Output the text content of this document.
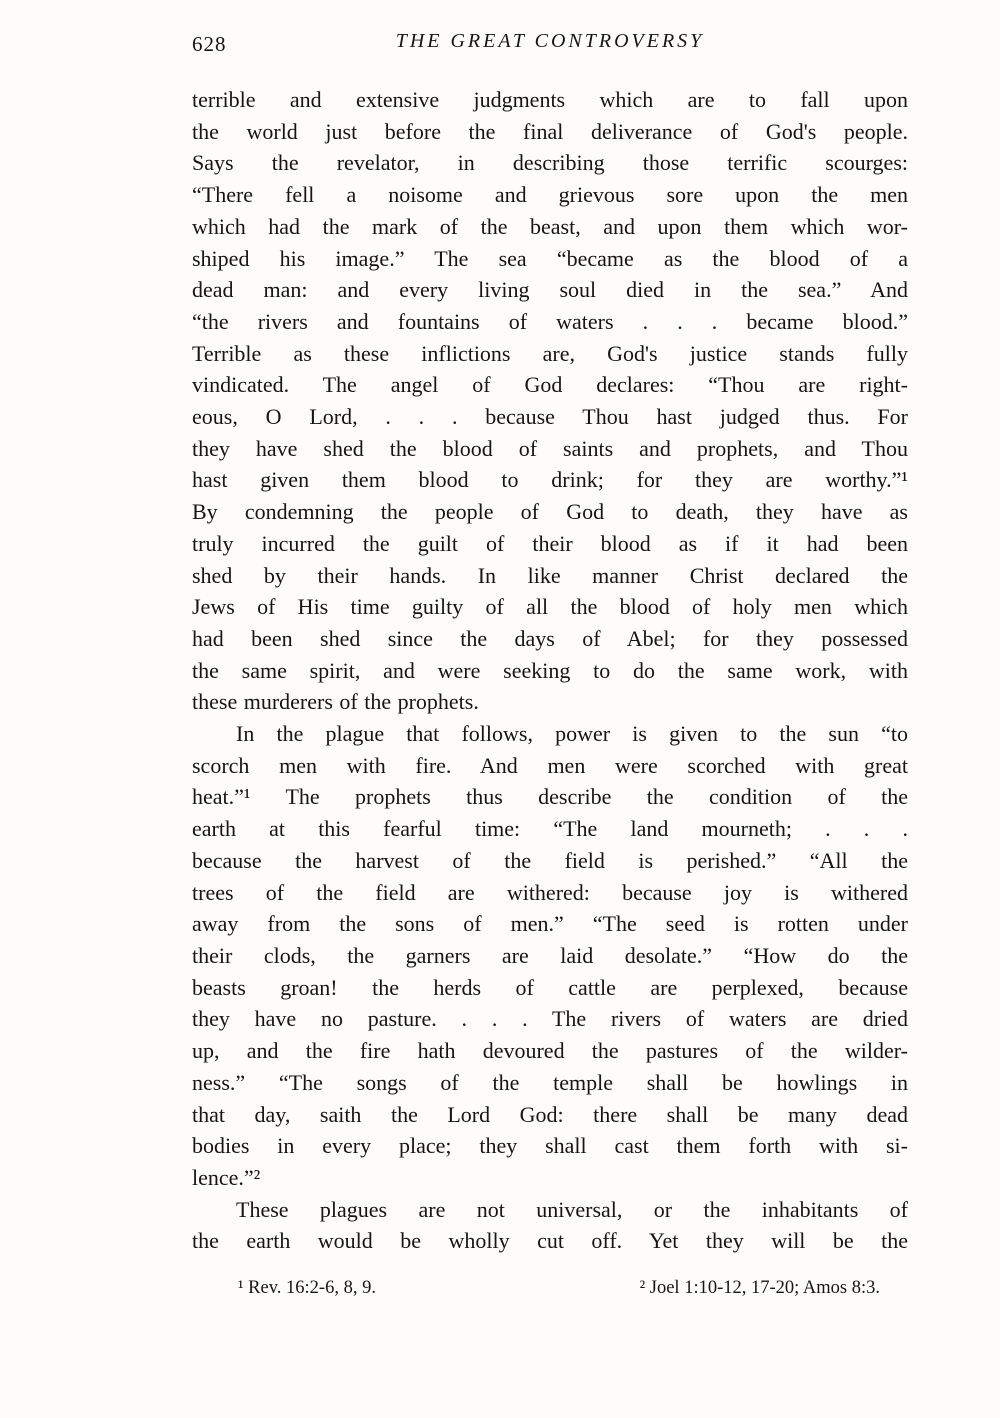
628	THE GREAT CONTROVERSY
terrible and extensive judgments which are to fall upon
the world just before the final deliverance of God's people.
Says the revelator, in describing those terrific scourges:
“There fell a noisome and grievous sore upon the men
which had the mark of the beast, and upon them which wor-
shiped his image.” The sea “became as the blood of a
dead man: and every living soul died in the sea.” And
“the rivers and fountains of waters . . . became blood.”
Terrible as these inflictions are, God's justice stands fully
vindicated. The angel of God declares: “Thou are right-
eous, O Lord, . . . because Thou hast judged thus. For
they have shed the blood of saints and prophets, and Thou
hast given them blood to drink; for they are worthy.”¹
By condemning the people of God to death, they have as
truly incurred the guilt of their blood as if it had been
shed by their hands. In like manner Christ declared the
Jews of His time guilty of all the blood of holy men which
had been shed since the days of Abel; for they possessed
the same spirit, and were seeking to do the same work, with
these murderers of the prophets.
In the plague that follows, power is given to the sun “to
scorch men with fire. And men were scorched with great
heat.”¹ The prophets thus describe the condition of the
earth at this fearful time: “The land mourneth; . . .
because the harvest of the field is perished.” “All the
trees of the field are withered: because joy is withered
away from the sons of men.” “The seed is rotten under
their clods, the garners are laid desolate.” “How do the
beasts groan! the herds of cattle are perplexed, because
they have no pasture. . . . The rivers of waters are dried
up, and the fire hath devoured the pastures of the wilder-
ness.” “The songs of the temple shall be howlings in
that day, saith the Lord God: there shall be many dead
bodies in every place; they shall cast them forth with si-
lence.”²
These plagues are not universal, or the inhabitants of
the earth would be wholly cut off. Yet they will be the
¹ Rev. 16:2-6, 8, 9.	² Joel 1:10-12, 17-20; Amos 8:3.
